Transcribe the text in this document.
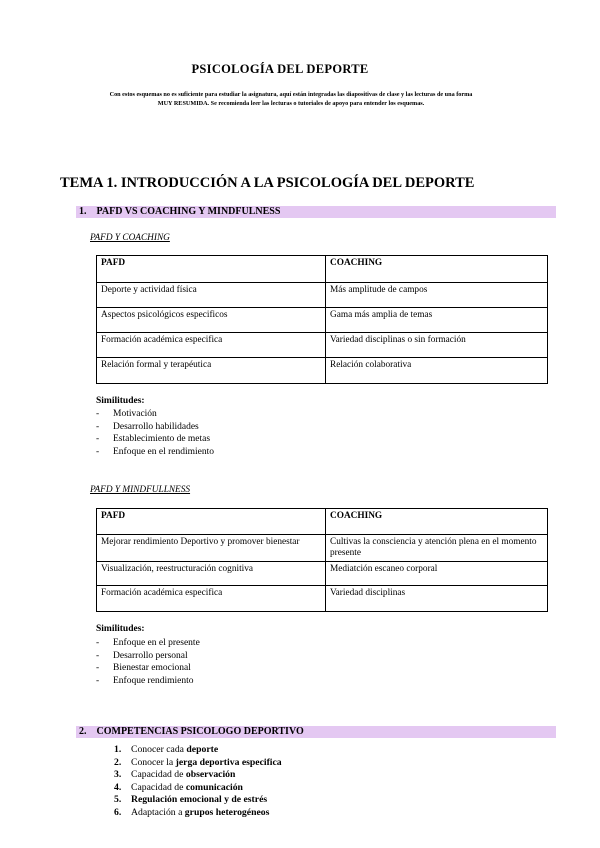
PSICOLOGÍA DEL DEPORTE
Con estos esquemas no es suficiente para estudiar la asignatura, aquí están integradas las diapositivas de clase y las lecturas de una forma MUY RESUMIDA. Se recomienda leer las lecturas o tutoriales de apoyo para entender los esquemas.
TEMA 1. INTRODUCCIÓN A LA PSICOLOGÍA DEL DEPORTE
1. PAFD VS COACHING Y MINDFULNESS
PAFD Y COACHING
PAFD	COACHING
Deporte y actividad física	Más amplitude de campos
Aspectos psicológicos especificos	Gama más amplia de temas
Formación académica especifica	Variedad disciplinas o sin formación
Relación formal y terapéutica	Relación colaborativa
Similitudes:
- Motivación
- Desarrollo habilidades
- Establecimiento de metas
- Enfoque en el rendimiento
PAFD Y MINDFULLNESS
PAFD	COACHING
Mejorar rendimiento Deportivo y promover bienestar	Cultivas la consciencia y atención plena en el momento presente
Visualización, reestructuración cognitiva	Mediatción escaneo corporal
Formación académica especifica	Variedad disciplinas
Similitudes:
- Enfoque en el presente
- Desarrollo personal
- Bienestar emocional
- Enfoque rendimiento
2. COMPETENCIAS PSICOLOGO DEPORTIVO
1. Conocer cada deporte
2. Conocer la jerga deportiva especifica
3. Capacidad de observación
4. Capacidad de comunicación
5. Regulación emocional y de estrés
6. Adaptación a grupos heterogéneos
